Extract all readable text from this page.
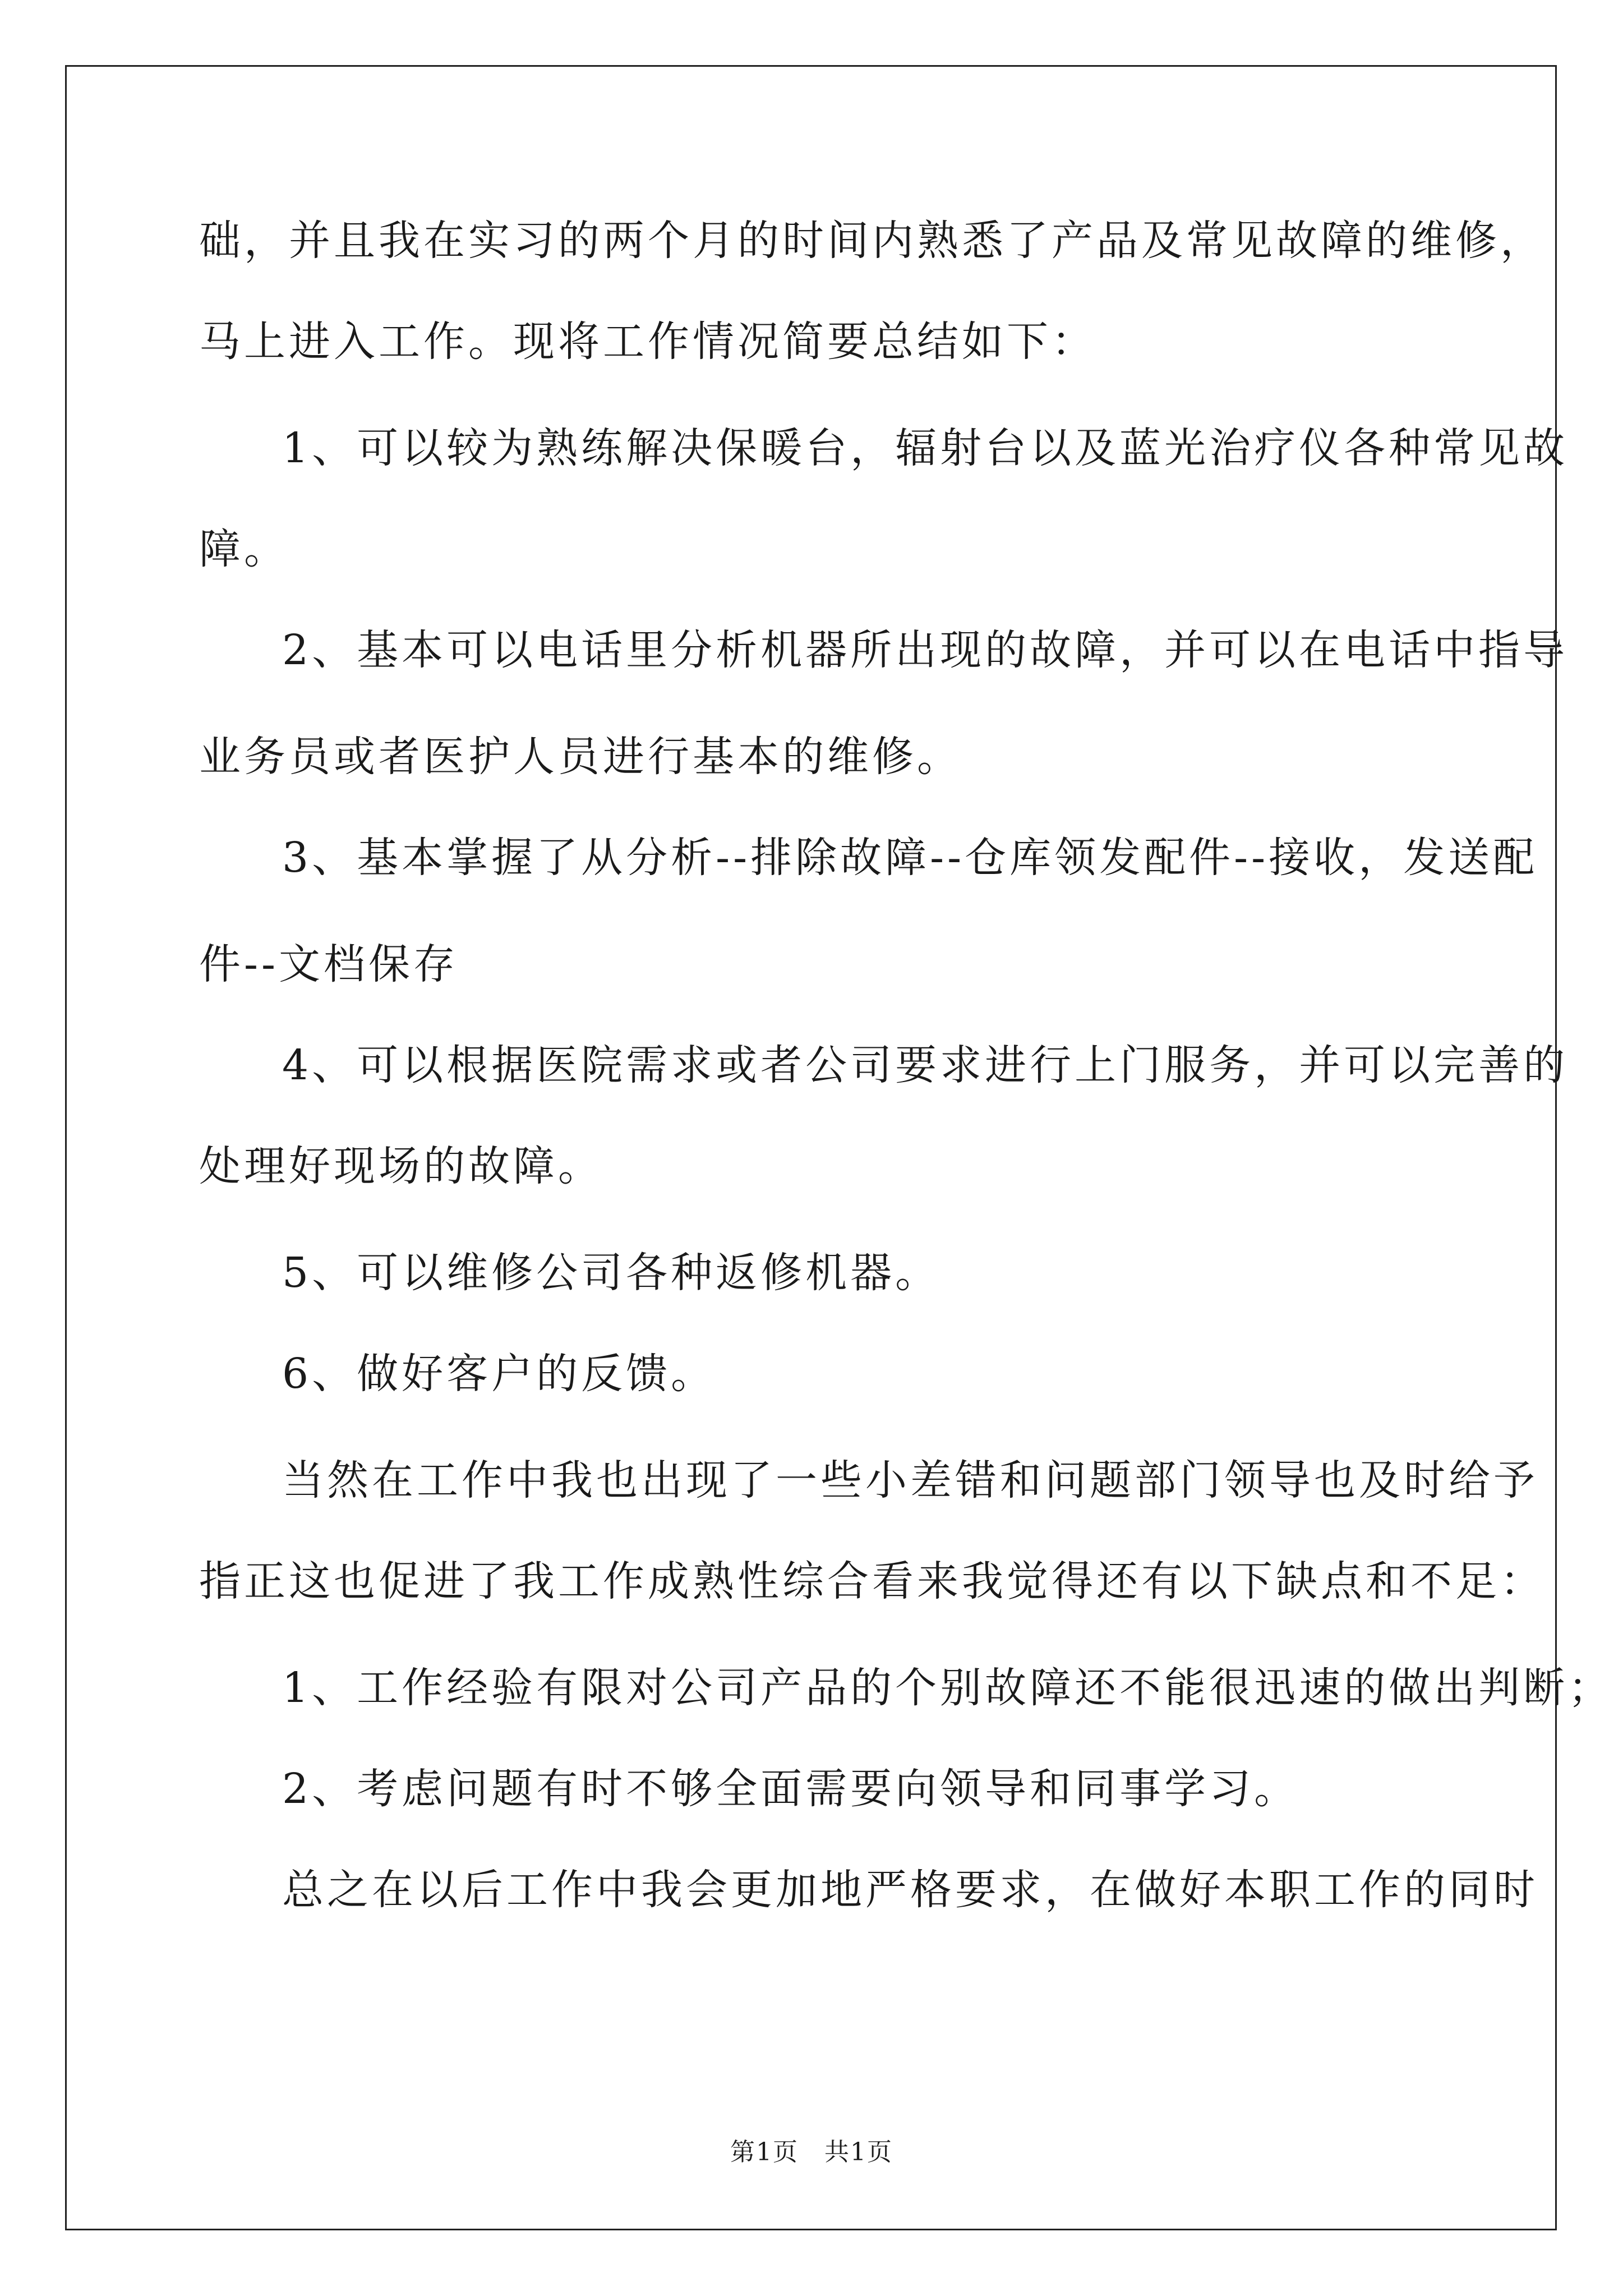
础，并且我在实习的两个月的时间内熟悉了产品及常见故障的维修，
马上进入工作。现将工作情况简要总结如下：
1、可以较为熟练解决保暖台，辐射台以及蓝光治疗仪各种常见故
障。
2、基本可以电话里分析机器所出现的故障，并可以在电话中指导
业务员或者医护人员进行基本的维修。
3、基本掌握了从分析--排除故障--仓库领发配件--接收，发送配
件--文档保存
4、可以根据医院需求或者公司要求进行上门服务，并可以完善的
处理好现场的故障。
5、可以维修公司各种返修机器。
6、做好客户的反馈。
当然在工作中我也出现了一些小差错和问题部门领导也及时给予
指正这也促进了我工作成熟性综合看来我觉得还有以下缺点和不足：
1、工作经验有限对公司产品的个别故障还不能很迅速的做出判断；
2、考虑问题有时不够全面需要向领导和同事学习。
总之在以后工作中我会更加地严格要求，在做好本职工作的同时
第1页 共1页
